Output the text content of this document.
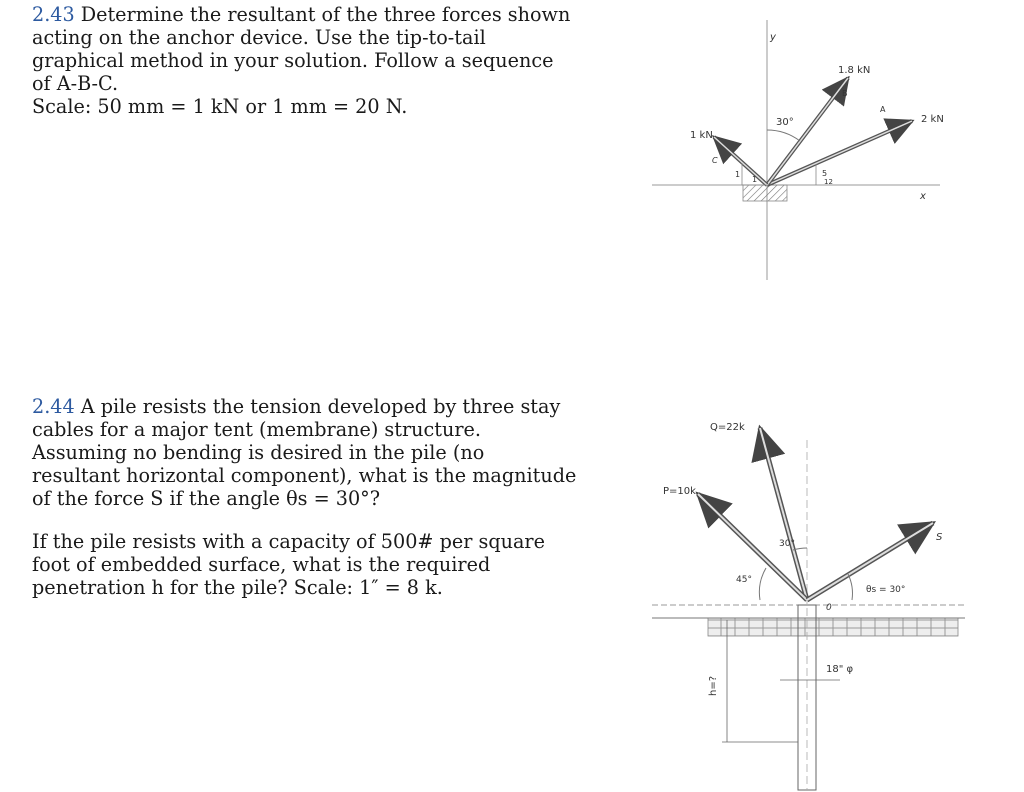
2.43 Determine the resultant of the three forces shown acting on the anchor device. Use the tip-to-tail graphical method in your solution. Follow a sequence of A-B-C.

Scale: 50 mm = 1 kN or 1 mm = 20 N.

2.44 A pile resists the tension developed by three stay cables for a major tent (membrane) structure. Assuming no bending is desired in the pile (no resultant horizontal component), what is the magnitude of the force S if the angle θs = 30°?

If the pile resists with a capacity of 500# per square foot of embedded surface, what is the required penetration h for the pile? Scale: 1″ = 8 k.

y
x
30°
1
1	5
12
1 kN
C
1.8 kN
B
2 kN
A
Q=22k
P=10k
S
30°
45°
θs = 30°
0
18" φ
h=?
